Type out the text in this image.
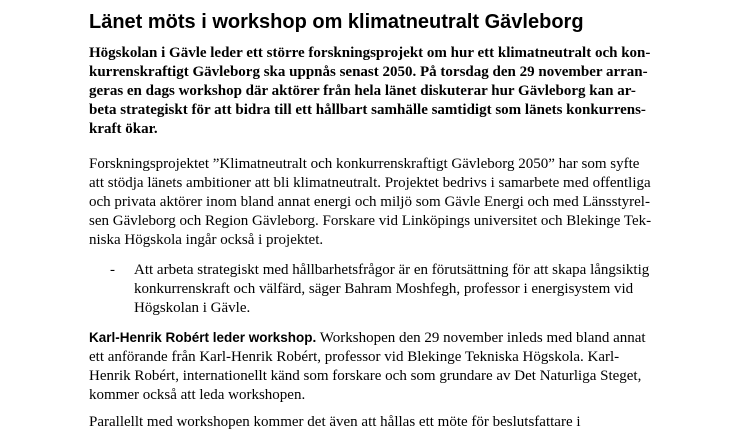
Länet möts i workshop om klimatneutralt Gävleborg

Högskolan i Gävle leder ett större forskningsprojekt om hur ett klimatneutralt och kon-
kurrenskraftigt Gävleborg ska uppnås senast 2050. På torsdag den 29 november arran-
geras en dags workshop där aktörer från hela länet diskuterar hur Gävleborg kan ar-
beta strategiskt för att bidra till ett hållbart samhälle samtidigt som länets konkurrens-
kraft ökar.

Forskningsprojektet ”Klimatneutralt och konkurrenskraftigt Gävleborg 2050” har som syfte
att stödja länets ambitioner att bli klimatneutralt. Projektet bedrivs i samarbete med offentliga
och privata aktörer inom bland annat energi och miljö som Gävle Energi och med Länsstyrel-
sen Gävleborg och Region Gävleborg. Forskare vid Linköpings universitet och Blekinge Tek-
niska Högskola ingår också i projektet.

- Att arbeta strategiskt med hållbarhetsfrågor är en förutsättning för att skapa långsiktig
konkurrenskraft och välfärd, säger Bahram Moshfegh, professor i energisystem vid
Högskolan i Gävle.

Karl-Henrik Robért leder workshop. Workshopen den 29 november inleds med bland annat
ett anförande från Karl-Henrik Robért, professor vid Blekinge Tekniska Högskola. Karl-
Henrik Robért, internationellt känd som forskare och som grundare av Det Naturliga Steget,
kommer också att leda workshopen.

Parallellt med workshopen kommer det även att hållas ett möte för beslutsfattare i
